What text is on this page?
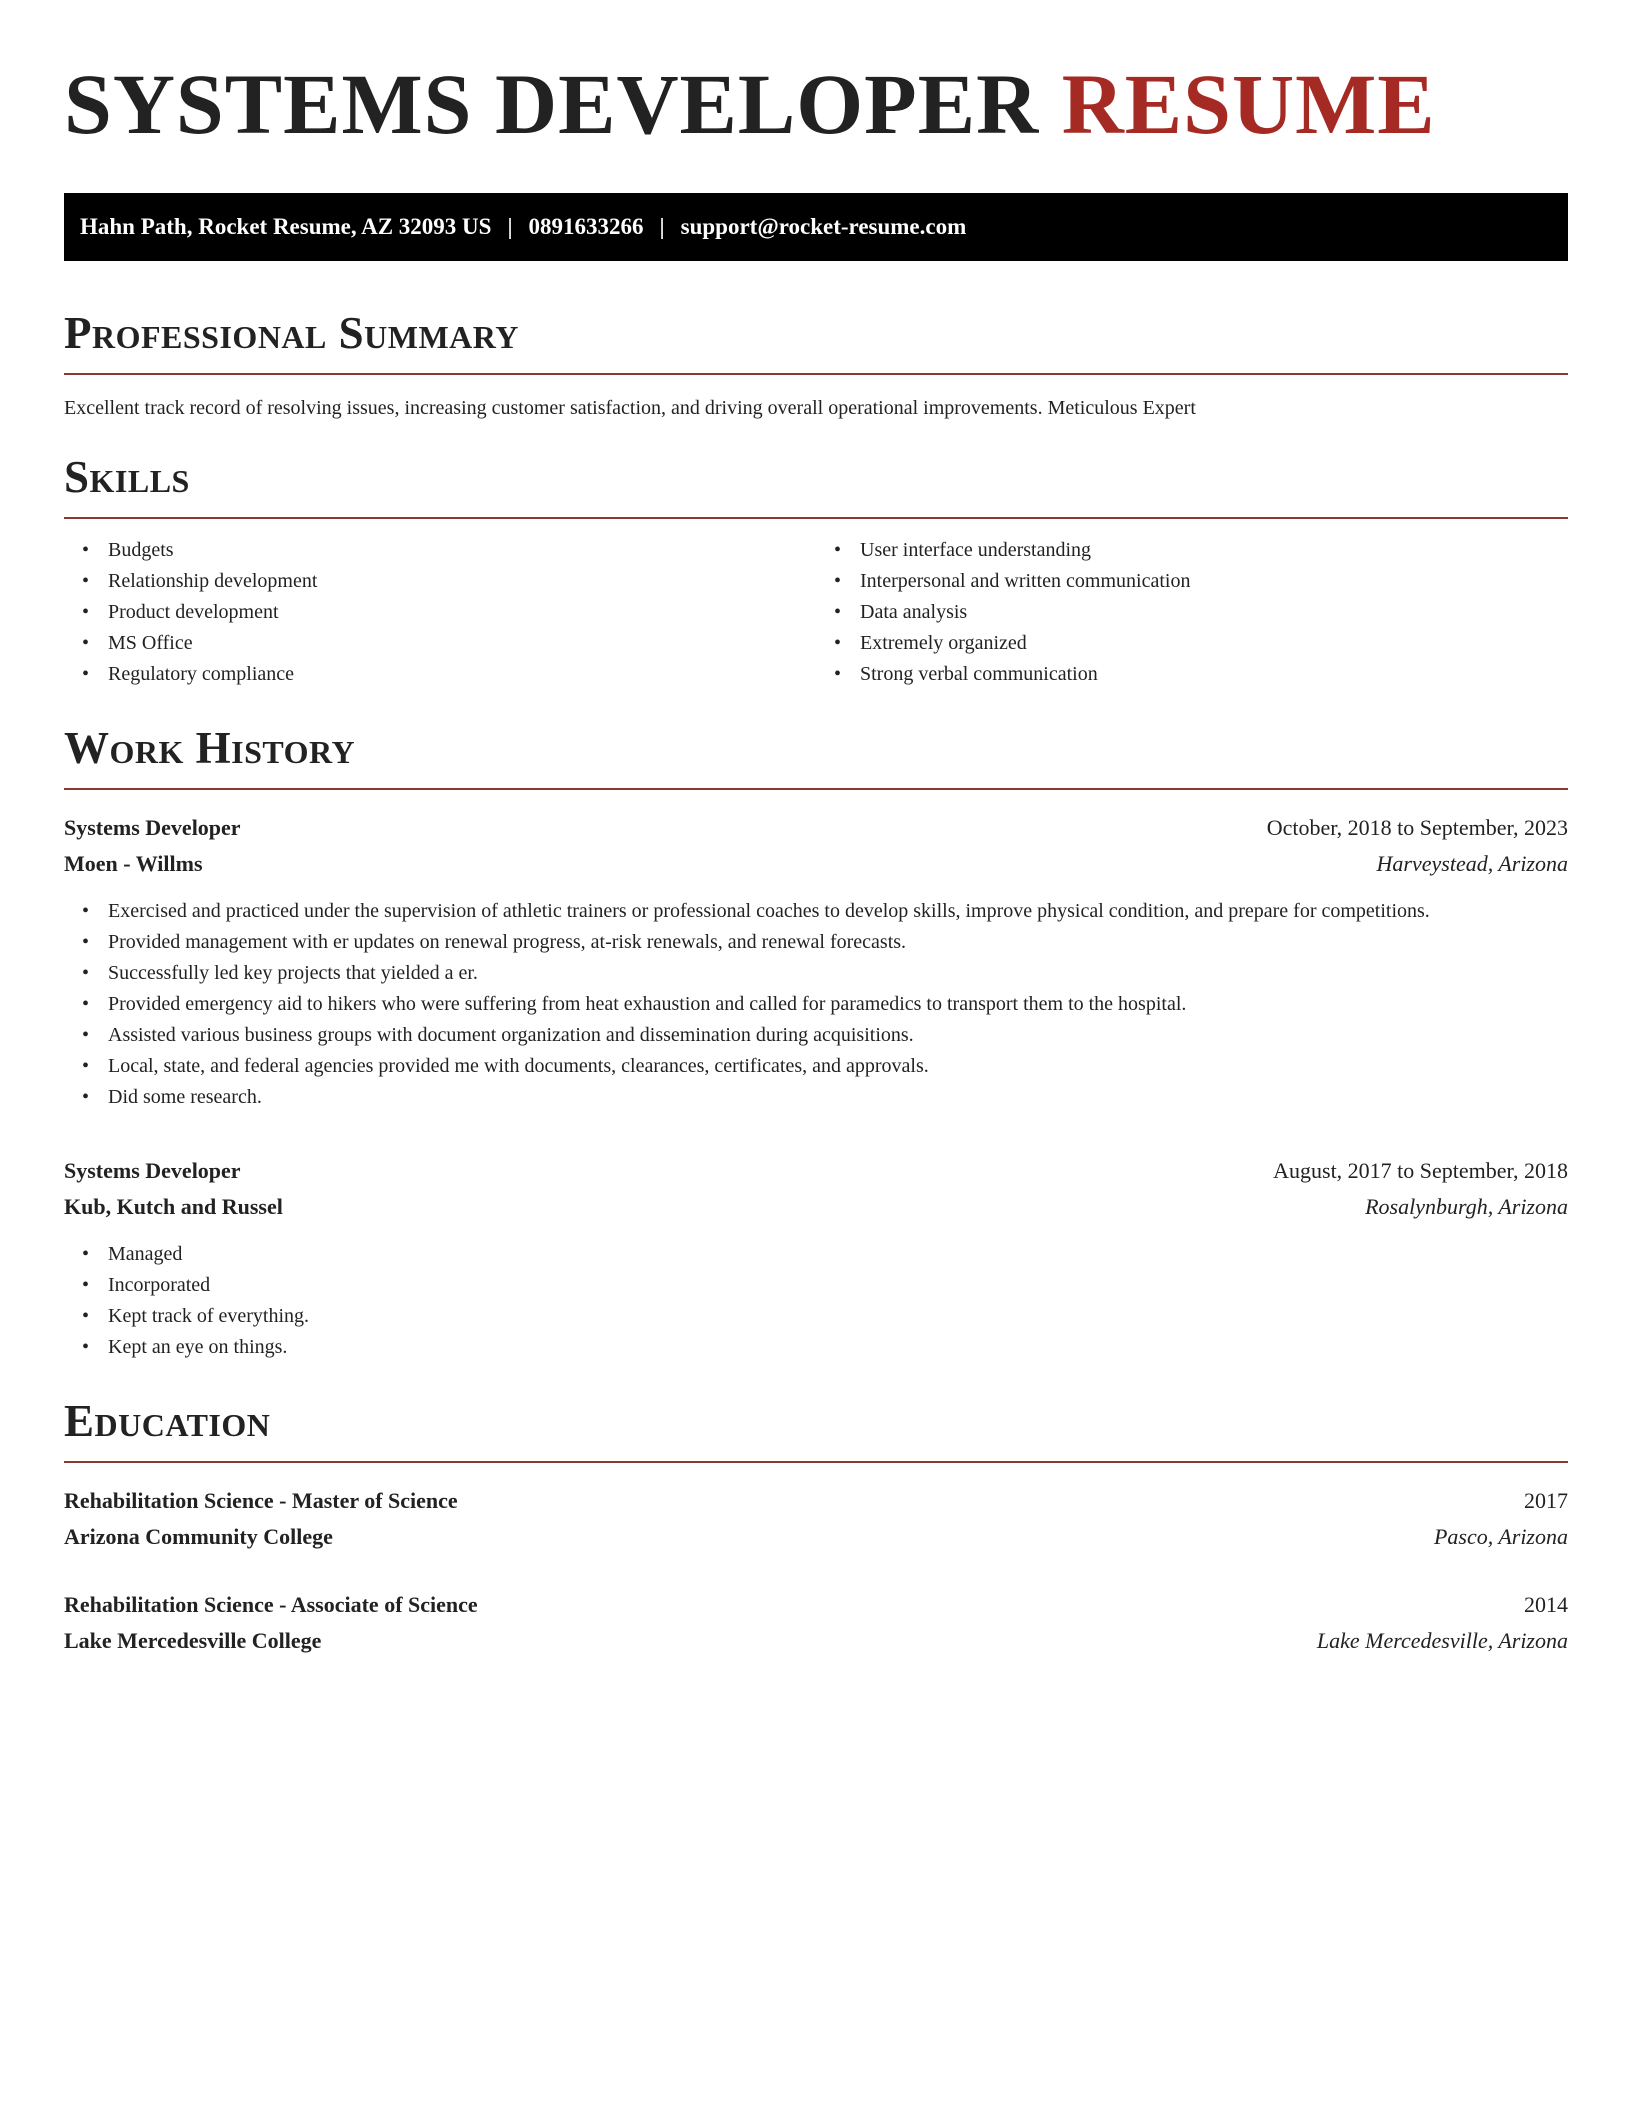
SYSTEMS DEVELOPER RESUME
Hahn Path, Rocket Resume, AZ 32093 US | 0891633266 | support@rocket-resume.com
Professional Summary

Excellent track record of resolving issues, increasing customer satisfaction, and driving overall operational improvements. Meticulous Expert

Skills
• Budgets
• Relationship development
• Product development
• MS Office
• Regulatory compliance
• User interface understanding
• Interpersonal and written communication
• Data analysis
• Extremely organized
• Strong verbal communication
Work History
Systems Developer	October, 2018 to September, 2023
Moen - Willms	Harveystead, Arizona
• Exercised and practiced under the supervision of athletic trainers or professional coaches to develop skills, improve physical condition, and prepare for competitions.
• Provided management with er updates on renewal progress, at-risk renewals, and renewal forecasts.
• Successfully led key projects that yielded a er.
• Provided emergency aid to hikers who were suffering from heat exhaustion and called for paramedics to transport them to the hospital.
• Assisted various business groups with document organization and dissemination during acquisitions.
• Local, state, and federal agencies provided me with documents, clearances, certificates, and approvals.
• Did some research.
Systems Developer	August, 2017 to September, 2018
Kub, Kutch and Russel	Rosalynburgh, Arizona
• Managed
• Incorporated
• Kept track of everything.
• Kept an eye on things.
Education
Rehabilitation Science - Master of Science	2017
Arizona Community College	Pasco, Arizona
Rehabilitation Science - Associate of Science	2014
Lake Mercedesville College	Lake Mercedesville, Arizona
